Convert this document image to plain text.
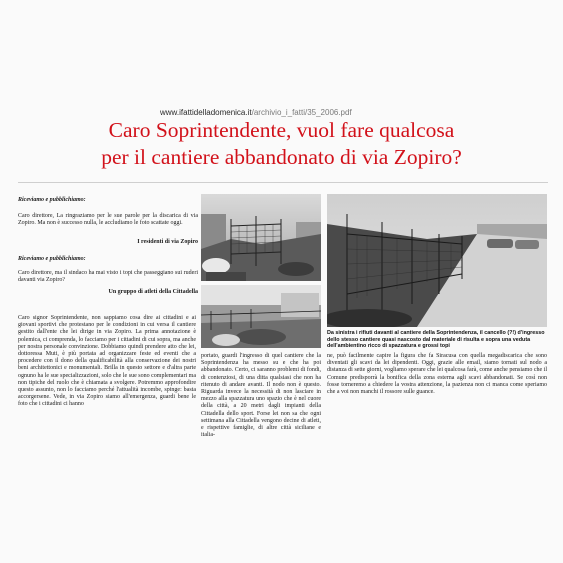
www.ifattidelladomenica.it/archivio_i_fatti/35_2006.pdf
Caro Soprintendente, vuol fare qualcosa
per il cantiere abbandonato di via Zopiro?
Riceviamo e pubblichiamo:
Caro direttore, La ringraziamo per le sue parole per la discarica di via Zopiro. Ma non è successo nulla, le accludiamo le foto scattate oggi.
I residenti di via Zopiro
Riceviamo e pubblichiamo:
Caro direttore, ma il sindaco ha mai visto i topi che passeggiano sui ruderi davanti via Zopiro?
Un gruppo di atleti della Cittadella
Da sinistra i rifiuti davanti al cantiere della Soprintendenza, il cancello (?!) d'ingresso dello stesso cantiere quasi nascosto dal materiale di risulta e sopra una veduta dell'ambientino ricco di spazzatura e grossi topi
Caro signor Soprintendente, non sappiamo cosa dire ai cittadini e ai giovani sportivi che protestano per le condizioni in cui versa il cantiere gestito dall'ente che lei dirige in via Zopiro. La prima annotazione è polemica, ci comprenda, lo facciamo per i cittadini di cui sopra, ma anche per nostra personale convinzione. Dobbiamo quindi prendere atto che lei, dottoressa Muti, è più portata ad organizzare feste ed eventi che a procedere con il dono della qualificabilità alla conservazione dei nostri beni architettonici e monumentali. Brilla in questo settore e d'altra parte ognuno ha le sue specializzazioni, solo che le sue sono complementari ma non tipiche del ruolo che è chiamata a svolgere. Potremmo approfondire questo assunto, non lo facciamo perché l'attualità incombe, spinge: basta accorgersene. Vede, in via Zopiro siamo all'emergenza, guardi bene le foto che i cittadini ci hanno
portato, guardi l'ingresso di quel cantiere che la Soprintendenza ha messo su e che ha poi abbandonato. Certo, ci saranno problemi di fondi, di contenziosi, di una ditta qualsiasi che non ha ritenuto di andare avanti. Il nodo non è questo. Riguarda invece la necessità di non lasciare in mezzo alla spazzatura uno spazio che è nel cuore della città, a 20 metri dagli impianti della Cittadella dello sport. Forse lei non sa che ogni settimana alla Cittadella vengono decine di atleti, e rispettive famiglie, di altre città siciliane e italia-
ne, può facilmente capire la figura che fa Siracusa con quella megadiscarica che sono diventati gli scavi da lei dipendenti. Oggi, grazie alle email, siamo tornati sul nodo a distanza di sette giorni, vogliamo sperare che lei qualcosa farà, come anche pensiamo che il Comune predisporrà la bonifica della zona esterna agli scavi abbandonati. Se così non fosse torneremo a chiedere la vostra attenzione, la pazienza non ci manca come speriamo che a voi non manchi il rossore sulle guance.
